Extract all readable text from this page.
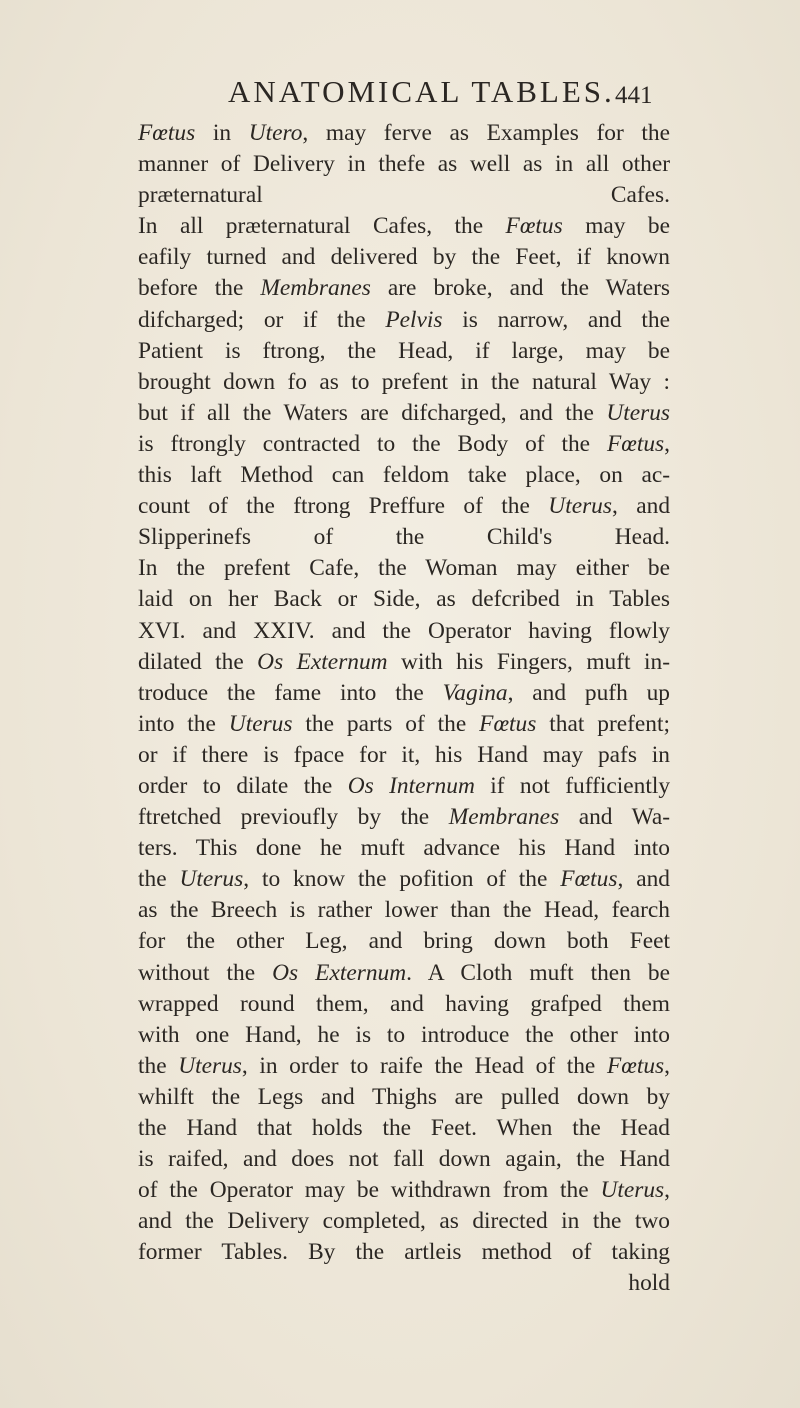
ANATOMICAL TABLES. 441
Fœtus in Utero, may ferve as Examples for the
manner of Delivery in thefe as well as in all other
præternatural Cafes.
In all præternatural Cafes, the Fœtus may be
eafily turned and delivered by the Feet, if known
before the Membranes are broke, and the Waters
difcharged; or if the Pelvis is narrow, and the
Patient is ftrong, the Head, if large, may be
brought down fo as to prefent in the natural Way :
but if all the Waters are difcharged, and the Uterus
is ftrongly contracted to the Body of the Fœtus,
this laft Method can feldom take place, on ac-
count of the ftrong Preffure of the Uterus, and
Slipperinefs of the Child's Head.
In the prefent Cafe, the Woman may either be
laid on her Back or Side, as defcribed in Tables
XVI. and XXIV. and the Operator having flowly
dilated the Os Externum with his Fingers, muft in-
troduce the fame into the Vagina, and pufh up
into the Uterus the parts of the Fœtus that prefent;
or if there is fpace for it, his Hand may pafs in
order to dilate the Os Internum if not fufficiently
ftretched previoufly by the Membranes and Wa-
ters. This done he muft advance his Hand into
the Uterus, to know the pofition of the Fœtus, and
as the Breech is rather lower than the Head, fearch
for the other Leg, and bring down both Feet
without the Os Externum. A Cloth muft then be
wrapped round them, and having grafped them
with one Hand, he is to introduce the other into
the Uterus, in order to raife the Head of the Fœtus,
whilft the Legs and Thighs are pulled down by
the Hand that holds the Feet. When the Head
is raifed, and does not fall down again, the Hand
of the Operator may be withdrawn from the Uterus,
and the Delivery completed, as directed in the two
former Tables. By the artleis method of taking
hold
